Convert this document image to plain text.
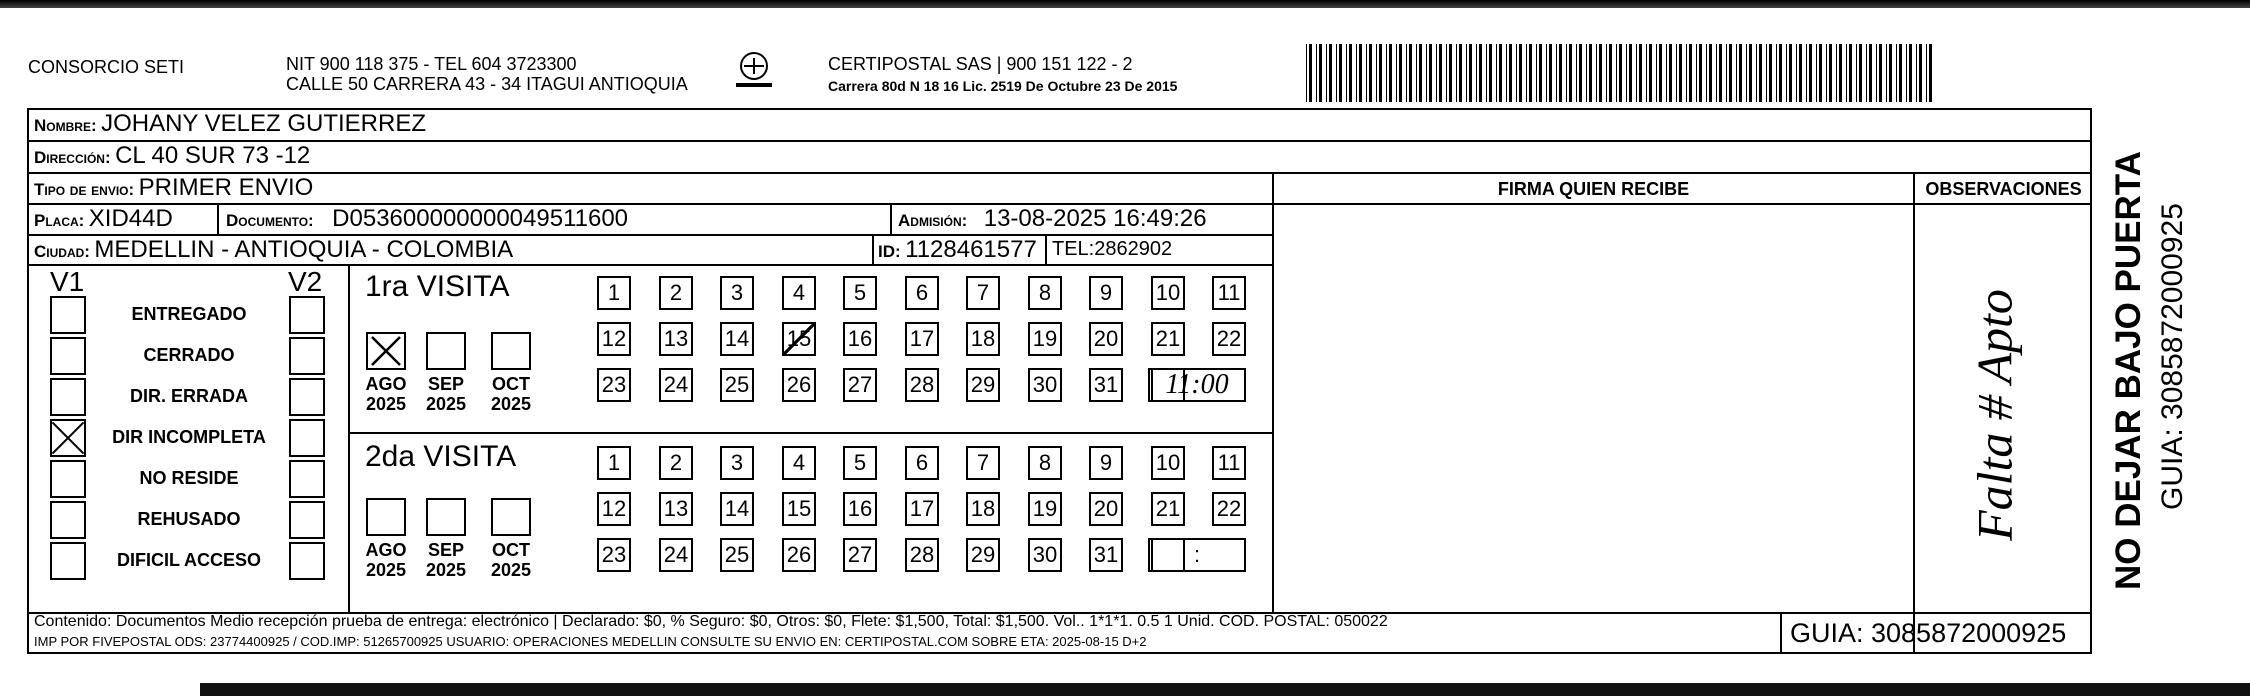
CONSORCIO SETI	NIT 900 118 375 - TEL 604 3723300
CALLE 50 CARRERA 43 - 34 ITAGUI ANTIOQUIA
CERTIPOSTAL SAS | 900 151 122 - 2
Carrera 80d N 18 16 Lic. 2519 De Octubre 23 De 2015
Nombre: JOHANY VELEZ GUTIERREZ
Dirección: CL 40 SUR 73 -12
Tipo de envio: PRIMER ENVIO
Placa: XID44D	Documento: D053600000000049511600	Admisión: 13-08-2025 16:49:26
Ciudad: MEDELLIN - ANTIOQUIA - COLOMBIA	ID: 1128461577 TEL:2862902
FIRMA QUIEN RECIBE	OBSERVACIONES
Falta # Apto
V1	V2
ENTREGADO
CERRADO
DIR. ERRADA
DIR INCOMPLETA
NO RESIDE
REHUSADO
DIFICIL ACCESO
1ra VISITA
AGO
2025
SEP
2025
OCT
2025
1	2	3	4	5	6	7	8	9	10 11
12 13 14 15 16 17 18 19 20 21 22
23 24 25 26 27 28 29 30 31	11:00
2da VISITA
AGO
2025
SEP
2025
OCT
2025
1	2	3	4	5	6	7	8	9	10 11
12 13 14 15 16 17 18 19 20 21 22
23 24 25 26 27 28 29 30 31	:
Contenido: Documentos Medio recepción prueba de entrega: electrónico | Declarado: $0, % Seguro: $0, Otros: $0, Flete: $1,500, Total: $1,500. Vol.. 1*1*1. 0.5 1 Unid. COD. POSTAL: 050022
IMP POR FIVEPOSTAL ODS: 23774400925 / COD.IMP: 51265700925 USUARIO: OPERACIONES MEDELLIN CONSULTE SU ENVIO EN: CERTIPOSTAL.COM SOBRE ETA: 2025-08-15 D+2	GUIA: 3085872000925
NO DEJAR BAJO PUERTA GUIA: 3085872000925
